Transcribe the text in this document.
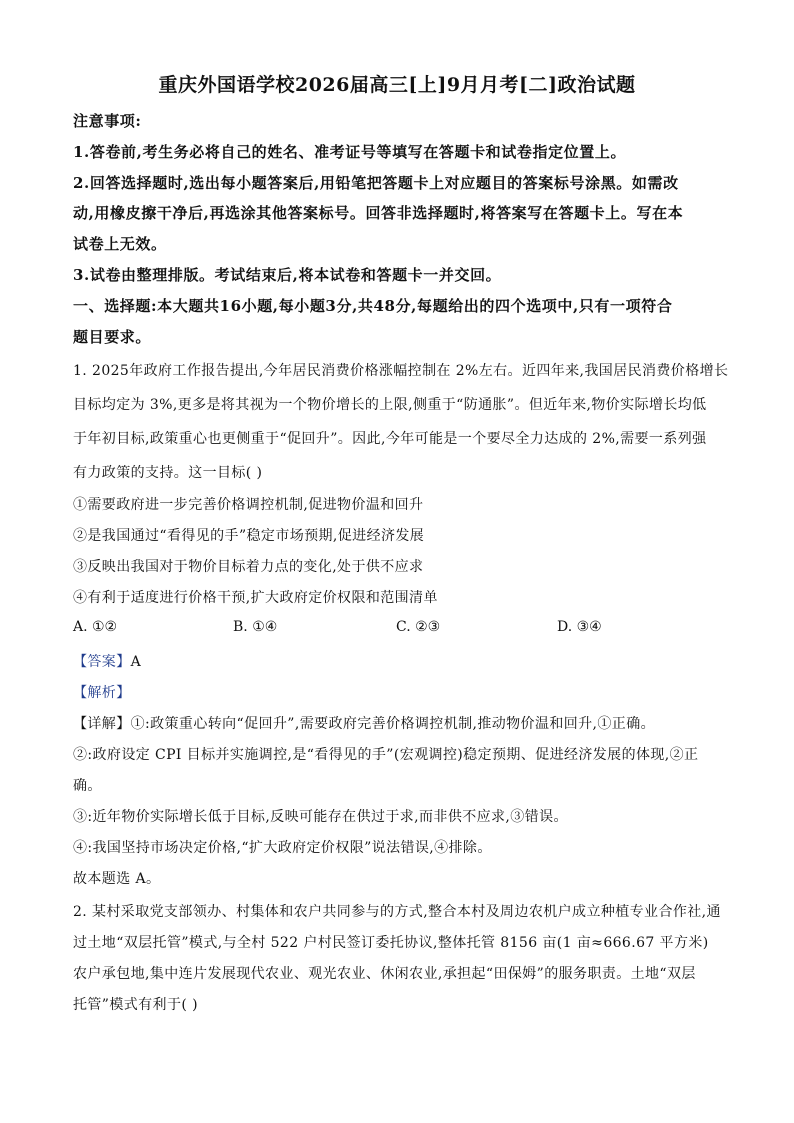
重庆外国语学校2026届高三[上]9月月考[二]政治试题
注意事项:
1.答卷前,考生务必将自己的姓名、准考证号等填写在答题卡和试卷指定位置上。
2.回答选择题时,选出每小题答案后,用铅笔把答题卡上对应题目的答案标号涂黑。如需改
动,用橡皮擦干净后,再选涂其他答案标号。回答非选择题时,将答案写在答题卡上。写在本
试卷上无效。
3.试卷由整理排版。考试结束后,将本试卷和答题卡一并交回。
一、选择题:本大题共16小题,每小题3分,共48分,每题给出的四个选项中,只有一项符合
题目要求。
1. 2025年政府工作报告提出,今年居民消费价格涨幅控制在 2%左右。近四年来,我国居民消费价格增长
目标均定为 3%,更多是将其视为一个物价增长的上限,侧重于“防通胀”。但近年来,物价实际增长均低
于年初目标,政策重心也更侧重于“促回升”。因此,今年可能是一个要尽全力达成的 2%,需要一系列强
有力政策的支持。这一目标( )
①需要政府进一步完善价格调控机制,促进物价温和回升
②是我国通过“看得见的手”稳定市场预期,促进经济发展
③反映出我国对于物价目标着力点的变化,处于供不应求
④有利于适度进行价格干预,扩大政府定价权限和范围清单
A. ①②	B. ①④	C. ②③	D. ③④
【答案】A
【解析】
【详解】①:政策重心转向“促回升”,需要政府完善价格调控机制,推动物价温和回升,①正确。
②:政府设定 CPI 目标并实施调控,是“看得见的手”(宏观调控)稳定预期、促进经济发展的体现,②正
确。
③:近年物价实际增长低于目标,反映可能存在供过于求,而非供不应求,③错误。
④:我国坚持市场决定价格,“扩大政府定价权限”说法错误,④排除。
故本题选 A。
2. 某村采取党支部领办、村集体和农户共同参与的方式,整合本村及周边农机户成立种植专业合作社,通
过土地“双层托管”模式,与全村 522 户村民签订委托协议,整体托管 8156 亩(1 亩≈666.67 平方米)
农户承包地,集中连片发展现代农业、观光农业、休闲农业,承担起“田保姆”的服务职责。土地“双层
托管”模式有利于( )
